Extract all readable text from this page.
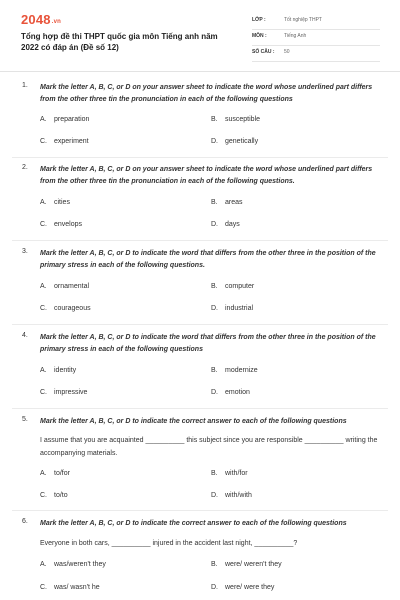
2048.vn
Tổng hợp đề thi THPT quốc gia môn Tiếng anh năm 2022 có đáp án (Đề số 12)
LỚP :	Tốt nghiệp THPT
MÔN :	Tiếng Anh
SỐ CÂU : 50
1. Mark the letter A, B, C, or D on your answer sheet to indicate the word whose underlined part differs from the other three tin the pronunciation in each of the following questions
A. preparation	B. susceptible
C. experiment	D. genetically
2. Mark the letter A, B, C, or D on your answer sheet to indicate the word whose underlined part differs from the other three tin the pronunciation in each of the following questions.
A. cities	B. areas
C. envelops	D. days
3. Mark the letter A, B, C, or D to indicate the word that differs from the other three in the position of the primary stress in each of the following questions.
A. ornamental	B. computer
C. courageous	D. industrial
4. Mark the letter A, B, C, or D to indicate the word that differs from the other three in the position of the primary stress in each of the following questions
A. identity	B. modernize
C. impressive	D. emotion
5. Mark the letter A, B, C, or D to indicate the correct answer to each of the following questions
I assume that you are acquainted __________ this subject since you are responsible __________ writing the accompanying materials.
A. to/for	B. with/for
C. to/to	D. with/with
6. Mark the letter A, B, C, or D to indicate the correct answer to each of the following questions
Everyone in both cars, __________ injured in the accident last night, __________?
A. was/weren't they	B. were/ weren't they
C. was/ wasn't he	D. were/ were they
